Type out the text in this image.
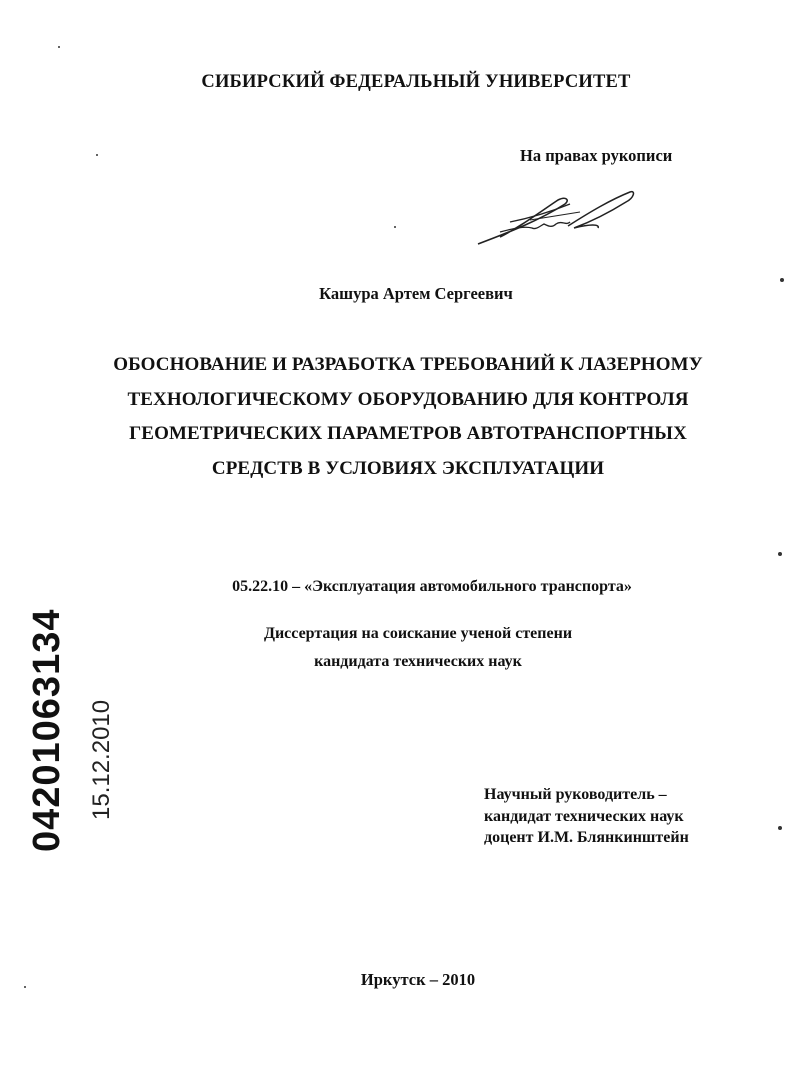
СИБИРСКИЙ ФЕДЕРАЛЬНЫЙ УНИВЕРСИТЕТ
На правах рукописи
Кашура Артем Сергеевич
ОБОСНОВАНИЕ И РАЗРАБОТКА ТРЕБОВАНИЙ К ЛАЗЕРНОМУ
ТЕХНОЛОГИЧЕСКОМУ ОБОРУДОВАНИЮ ДЛЯ КОНТРОЛЯ
ГЕОМЕТРИЧЕСКИХ ПАРАМЕТРОВ АВТОТРАНСПОРТНЫХ
СРЕДСТВ В УСЛОВИЯХ ЭКСПЛУАТАЦИИ
05.22.10 – «Эксплуатация автомобильного транспорта»
Диссертация на соискание ученой степени
кандидата технических наук
Научный руководитель –
кандидат технических наук
доцент И.М. Блянкинштейн
Иркутск – 2010
04201063134 15.12.2010
